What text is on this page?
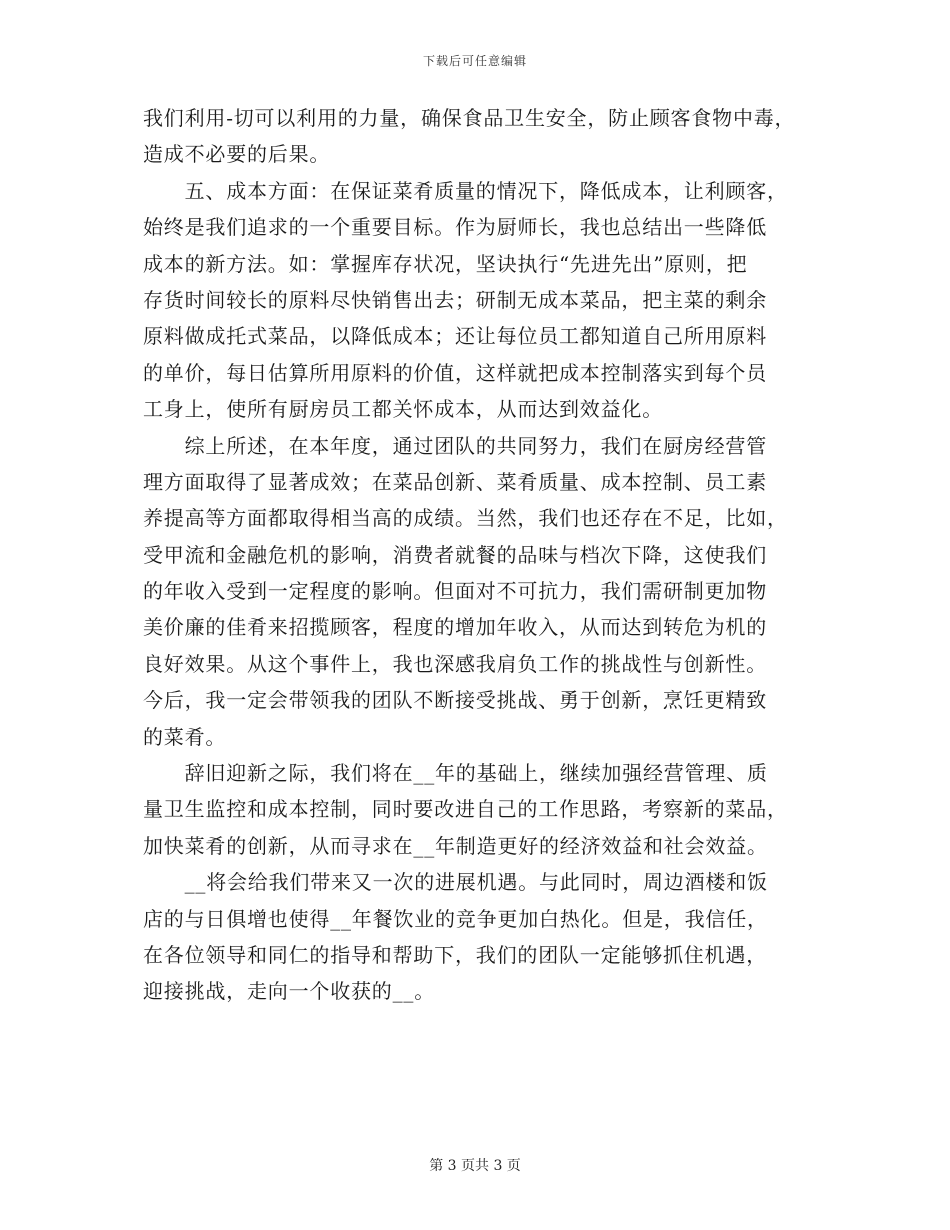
下载后可任意编辑
我们利用-切可以利用的力量，确保食品卫生安全，防止顾客食物中毒，
造成不必要的后果。
　　五、成本方面：在保证菜肴质量的情况下，降低成本，让利顾客，
始终是我们追求的一个重要目标。作为厨师长，我也总结出一些降低
成本的新方法。如：掌握库存状况，坚诀执行“先进先出”原则，把
存货时间较长的原料尽快销售出去；研制无成本菜品，把主菜的剩余
原料做成托式菜品，以降低成本；还让每位员工都知道自己所用原料
的单价，每日估算所用原料的价值，这样就把成本控制落实到每个员
工身上，使所有厨房员工都关怀成本，从而达到效益化。
　　综上所述，在本年度，通过团队的共同努力，我们在厨房经营管
理方面取得了显著成效；在菜品创新、菜肴质量、成本控制、员工素
养提高等方面都取得相当高的成绩。当然，我们也还存在不足，比如，
受甲流和金融危机的影响，消费者就餐的品味与档次下降，这使我们
的年收入受到一定程度的影响。但面对不可抗力，我们需研制更加物
美价廉的佳肴来招揽顾客，程度的增加年收入，从而达到转危为机的
良好效果。从这个事件上，我也深感我肩负工作的挑战性与创新性。
今后，我一定会带领我的团队不断接受挑战、勇于创新，烹饪更精致
的菜肴。
　　辞旧迎新之际，我们将在__年的基础上，继续加强经营管理、质
量卫生监控和成本控制，同时要改进自己的工作思路，考察新的菜品，
加快菜肴的创新，从而寻求在__年制造更好的经济效益和社会效益。
　　__将会给我们带来又一次的进展机遇。与此同时，周边酒楼和饭
店的与日俱增也使得__年餐饮业的竞争更加白热化。但是，我信任，
在各位领导和同仁的指导和帮助下，我们的团队一定能够抓住机遇，
迎接挑战，走向一个收获的__。
第 3 页共 3 页
